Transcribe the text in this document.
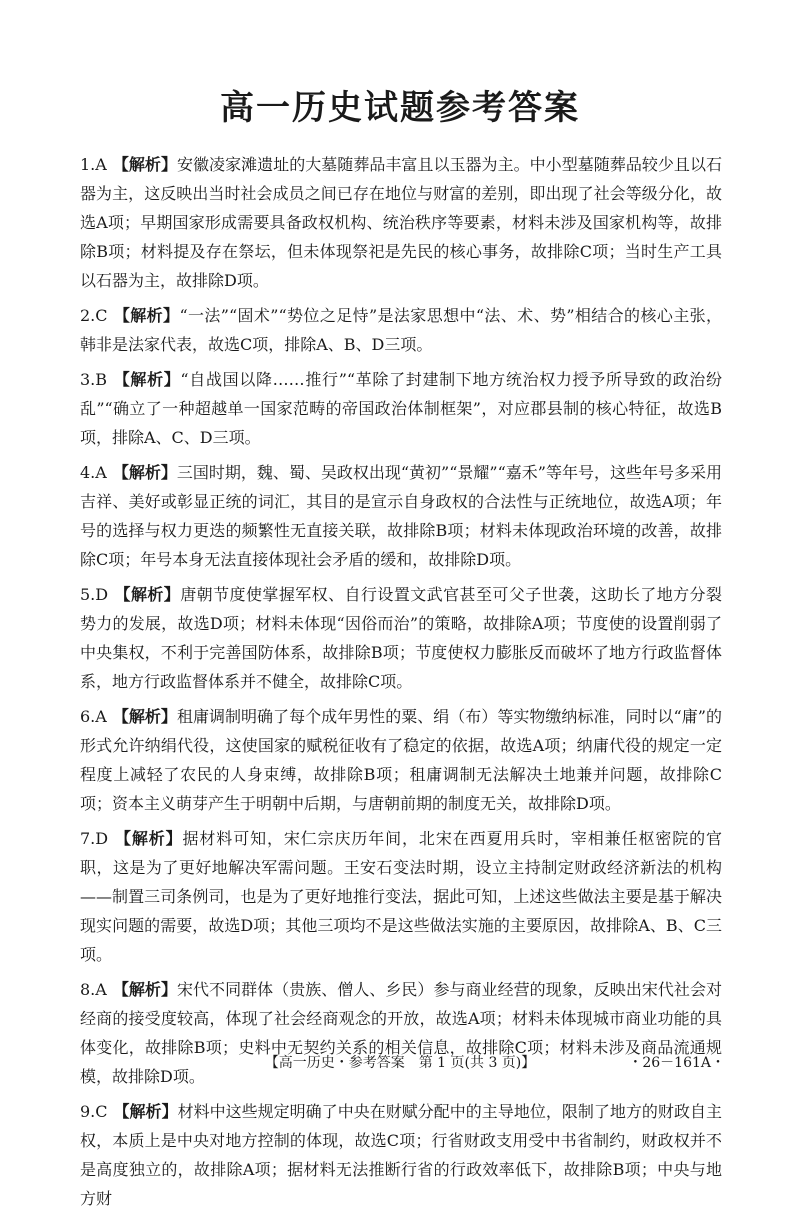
高一历史试题参考答案
1.A 【解析】安徽凌家滩遗址的大墓随葬品丰富且以玉器为主。中小型墓随葬品较少且以石器为主，这反映出当时社会成员之间已存在地位与财富的差别，即出现了社会等级分化，故选A项；早期国家形成需要具备政权机构、统治秩序等要素，材料未涉及国家机构等，故排除B项；材料提及存在祭坛，但未体现祭祀是先民的核心事务，故排除C项；当时生产工具以石器为主，故排除D项。
2.C 【解析】“一法”“固术”“势位之足恃”是法家思想中“法、术、势”相结合的核心主张，韩非是法家代表，故选C项，排除A、B、D三项。
3.B 【解析】“自战国以降……推行”“革除了封建制下地方统治权力授予所导致的政治纷乱”“确立了一种超越单一国家范畴的帝国政治体制框架”，对应郡县制的核心特征，故选B项，排除A、C、D三项。
4.A 【解析】三国时期，魏、蜀、吴政权出现“黄初”“景耀”“嘉禾”等年号，这些年号多采用吉祥、美好或彰显正统的词汇，其目的是宣示自身政权的合法性与正统地位，故选A项；年号的选择与权力更迭的频繁性无直接关联，故排除B项；材料未体现政治环境的改善，故排除C项；年号本身无法直接体现社会矛盾的缓和，故排除D项。
5.D 【解析】唐朝节度使掌握军权、自行设置文武官甚至可父子世袭，这助长了地方分裂势力的发展，故选D项；材料未体现“因俗而治”的策略，故排除A项；节度使的设置削弱了中央集权，不利于完善国防体系，故排除B项；节度使权力膨胀反而破坏了地方行政监督体系，地方行政监督体系并不健全，故排除C项。
6.A 【解析】租庸调制明确了每个成年男性的粟、绢（布）等实物缴纳标准，同时以“庸”的形式允许纳绢代役，这使国家的赋税征收有了稳定的依据，故选A项；纳庸代役的规定一定程度上减轻了农民的人身束缚，故排除B项；租庸调制无法解决土地兼并问题，故排除C项；资本主义萌芽产生于明朝中后期，与唐朝前期的制度无关，故排除D项。
7.D 【解析】据材料可知，宋仁宗庆历年间，北宋在西夏用兵时，宰相兼任枢密院的官职，这是为了更好地解决军需问题。王安石变法时期，设立主持制定财政经济新法的机构——制置三司条例司，也是为了更好地推行变法，据此可知，上述这些做法主要是基于解决现实问题的需要，故选D项；其他三项均不是这些做法实施的主要原因，故排除A、B、C三项。
8.A 【解析】宋代不同群体（贵族、僧人、乡民）参与商业经营的现象，反映出宋代社会对经商的接受度较高，体现了社会经商观念的开放，故选A项；材料未体现城市商业功能的具体变化，故排除B项；史料中无契约关系的相关信息，故排除C项；材料未涉及商品流通规模，故排除D项。
9.C 【解析】材料中这些规定明确了中央在财赋分配中的主导地位，限制了地方的财政自主权，本质上是中央对地方控制的体现，故选C项；行省财政支用受中书省制约，财政权并不是高度独立的，故排除A项；据材料无法推断行省的行政效率低下，故排除B项；中央与地方财
【高一历史・参考答案　第 1 页(共 3 页)】	・26－161A・
